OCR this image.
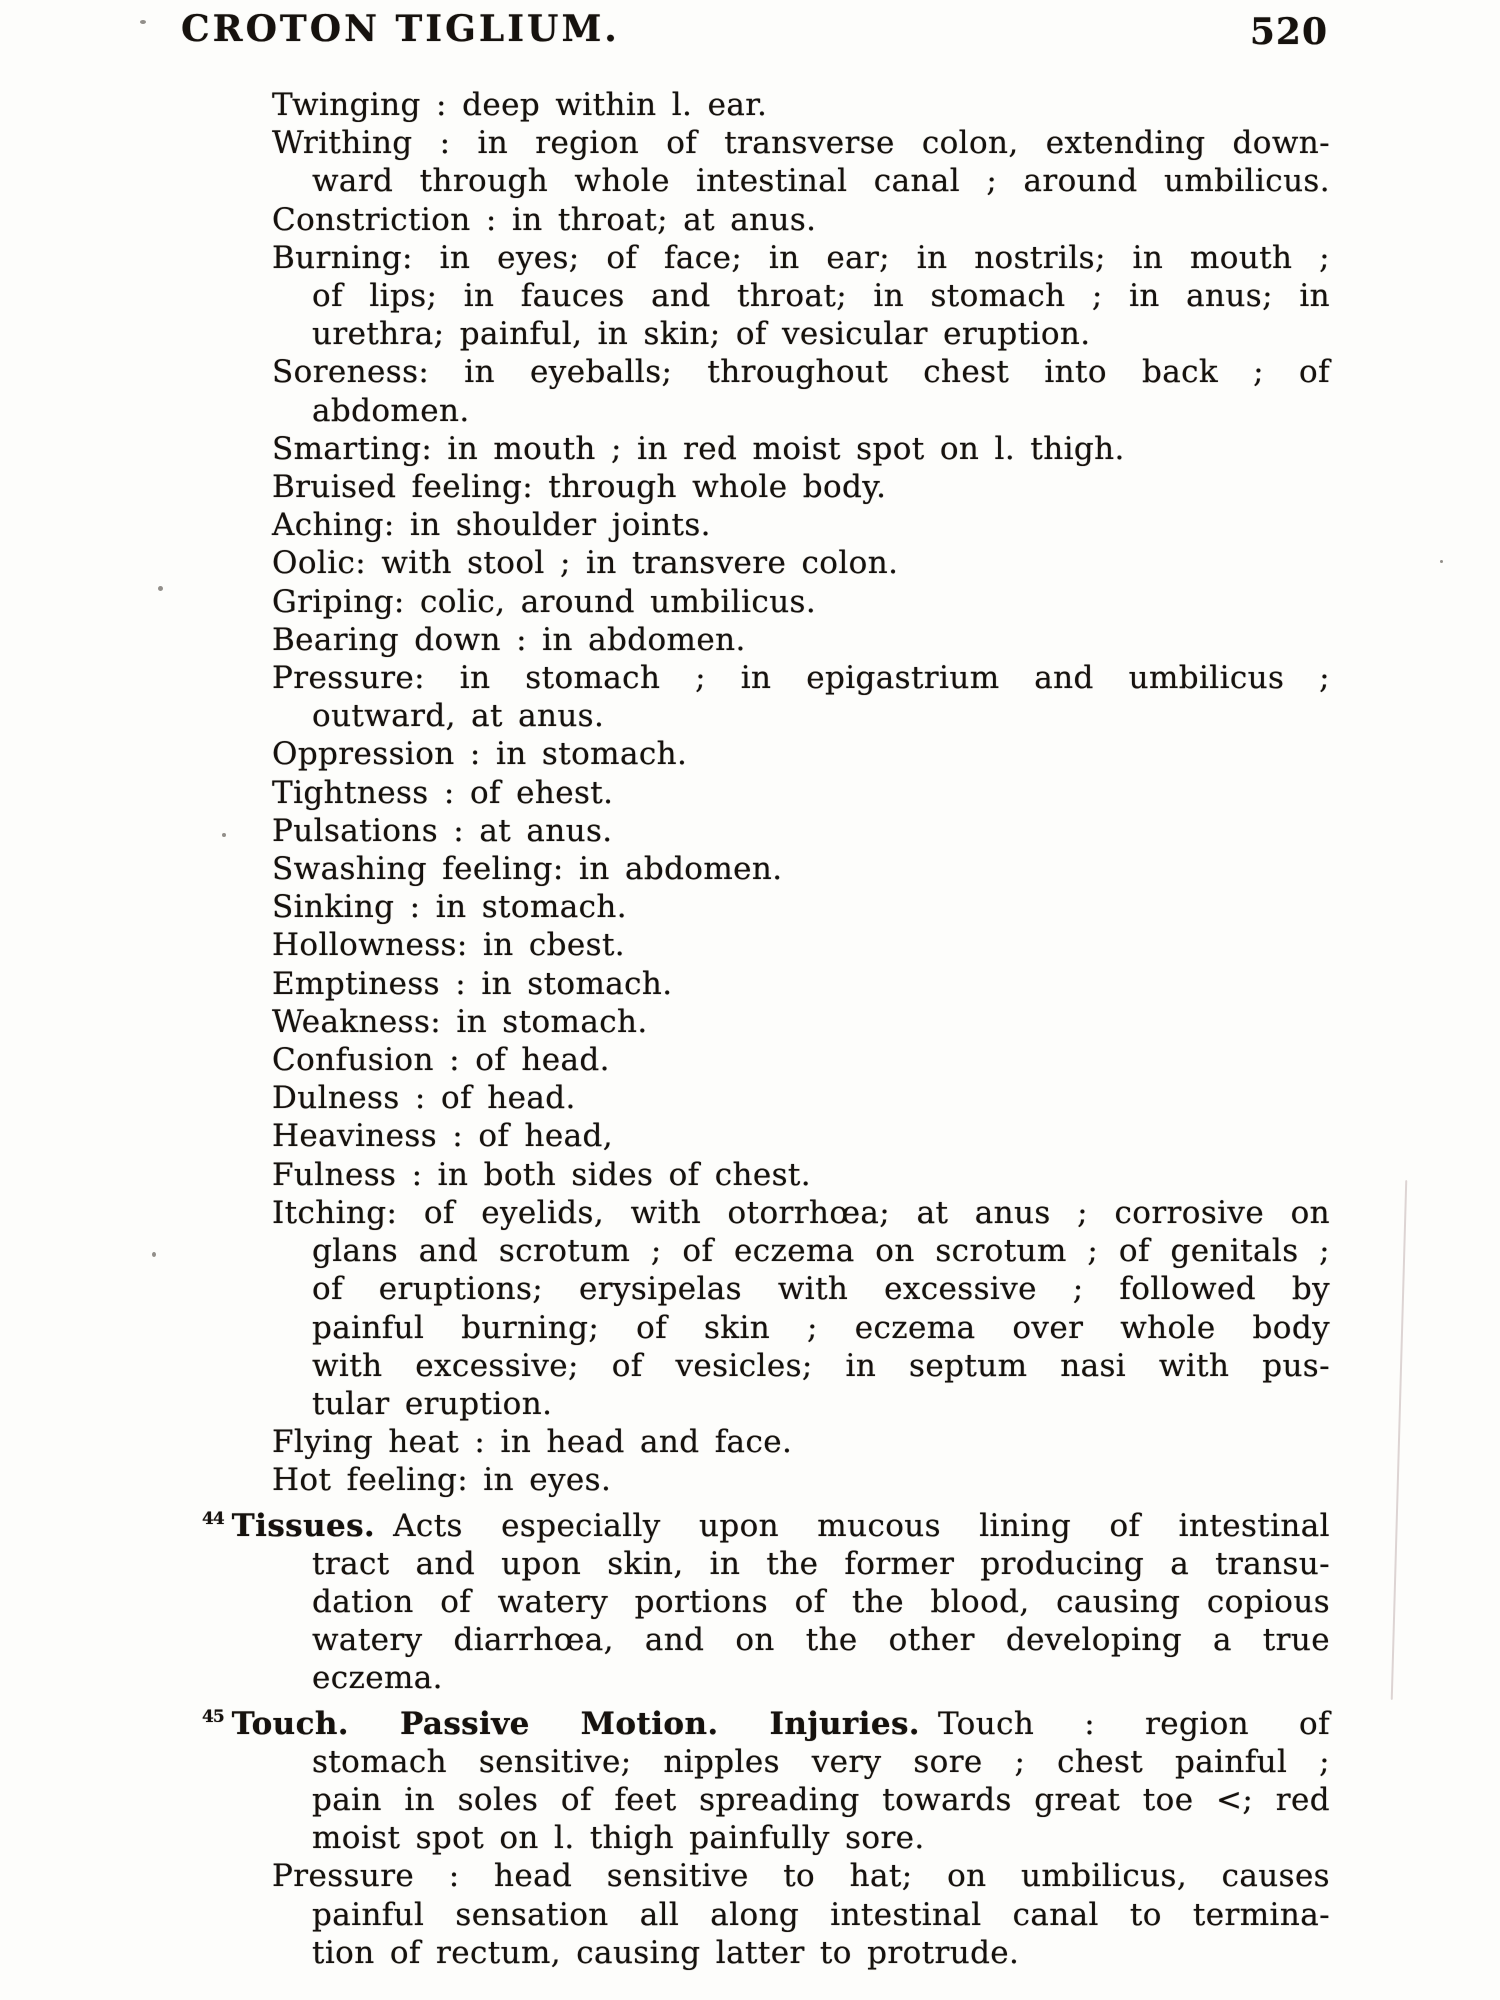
CROTON TIGLIUM.	520
Twinging : deep within l. ear.
Writhing : in region of transverse colon, extending down-
ward through whole intestinal canal ; around umbilicus.
Constriction : in throat; at anus.
Burning: in eyes; of face; in ear; in nostrils; in mouth ;
of lips; in fauces and throat; in stomach ; in anus; in
urethra; painful, in skin; of vesicular eruption.
Soreness: in eyeballs; throughout chest into back ; of
abdomen.
Smarting: in mouth ; in red moist spot on l. thigh.
Bruised feeling: through whole body.
Aching: in shoulder joints.
Oolic: with stool ; in transvere colon.
Griping: colic, around umbilicus.
Bearing down : in abdomen.
Pressure: in stomach ; in epigastrium and umbilicus ;
outward, at anus.
Oppression : in stomach.
Tightness : of ehest.
Pulsations : at anus.
Swashing feeling: in abdomen.
Sinking : in stomach.
Hollowness: in cbest.
Emptiness : in stomach.
Weakness: in stomach.
Confusion : of head.
Dulness : of head.
Heaviness : of head,
Fulness : in both sides of chest.
Itching: of eyelids, with otorrhœa; at anus ; corrosive on
glans and scrotum ; of eczema on scrotum ; of genitals ;
of eruptions; erysipelas with excessive ; followed by
painful burning; of skin ; eczema over whole body
with excessive; of vesicles; in septum nasi with pus-
tular eruption.
Flying heat : in head and face.
Hot feeling: in eyes.
44 Tissues. Acts especially upon mucous lining of intestinal
tract and upon skin, in the former producing a transu-
dation of watery portions of the blood, causing copious
watery diarrhœa, and on the other developing a true
eczema.
45 Touch. Passive Motion. Injuries. Touch : region of
stomach sensitive; nipples very sore ; chest painful ;
pain in soles of feet spreading towards great toe <; red
moist spot on l. thigh painfully sore.
Pressure : head sensitive to hat; on umbilicus, causes
painful sensation all along intestinal canal to termina-
tion of rectum, causing latter to protrude.
